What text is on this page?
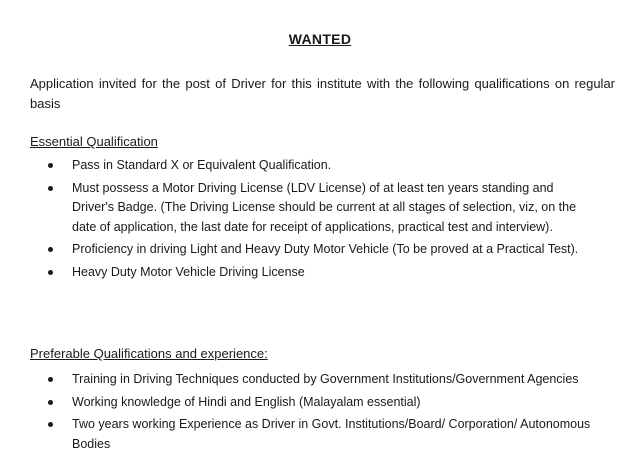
WANTED
Application invited for the post of Driver for this institute with the following qualifications on regular basis
Essential Qualification
Pass in Standard X or Equivalent Qualification.
Must possess a Motor Driving License (LDV License) of at least ten years standing and Driver's Badge. (The Driving License should be current at all stages of selection, viz, on the date of application, the last date for receipt of applications, practical test and interview).
Proficiency in driving Light and Heavy Duty Motor Vehicle (To be proved at a Practical Test).
Heavy Duty Motor Vehicle Driving License
Preferable Qualifications and experience:
Training in Driving Techniques conducted by Government Institutions/Government Agencies
Working knowledge of Hindi and English (Malayalam essential)
Two years working Experience as Driver in Govt. Institutions/Board/ Corporation/ Autonomous Bodies
